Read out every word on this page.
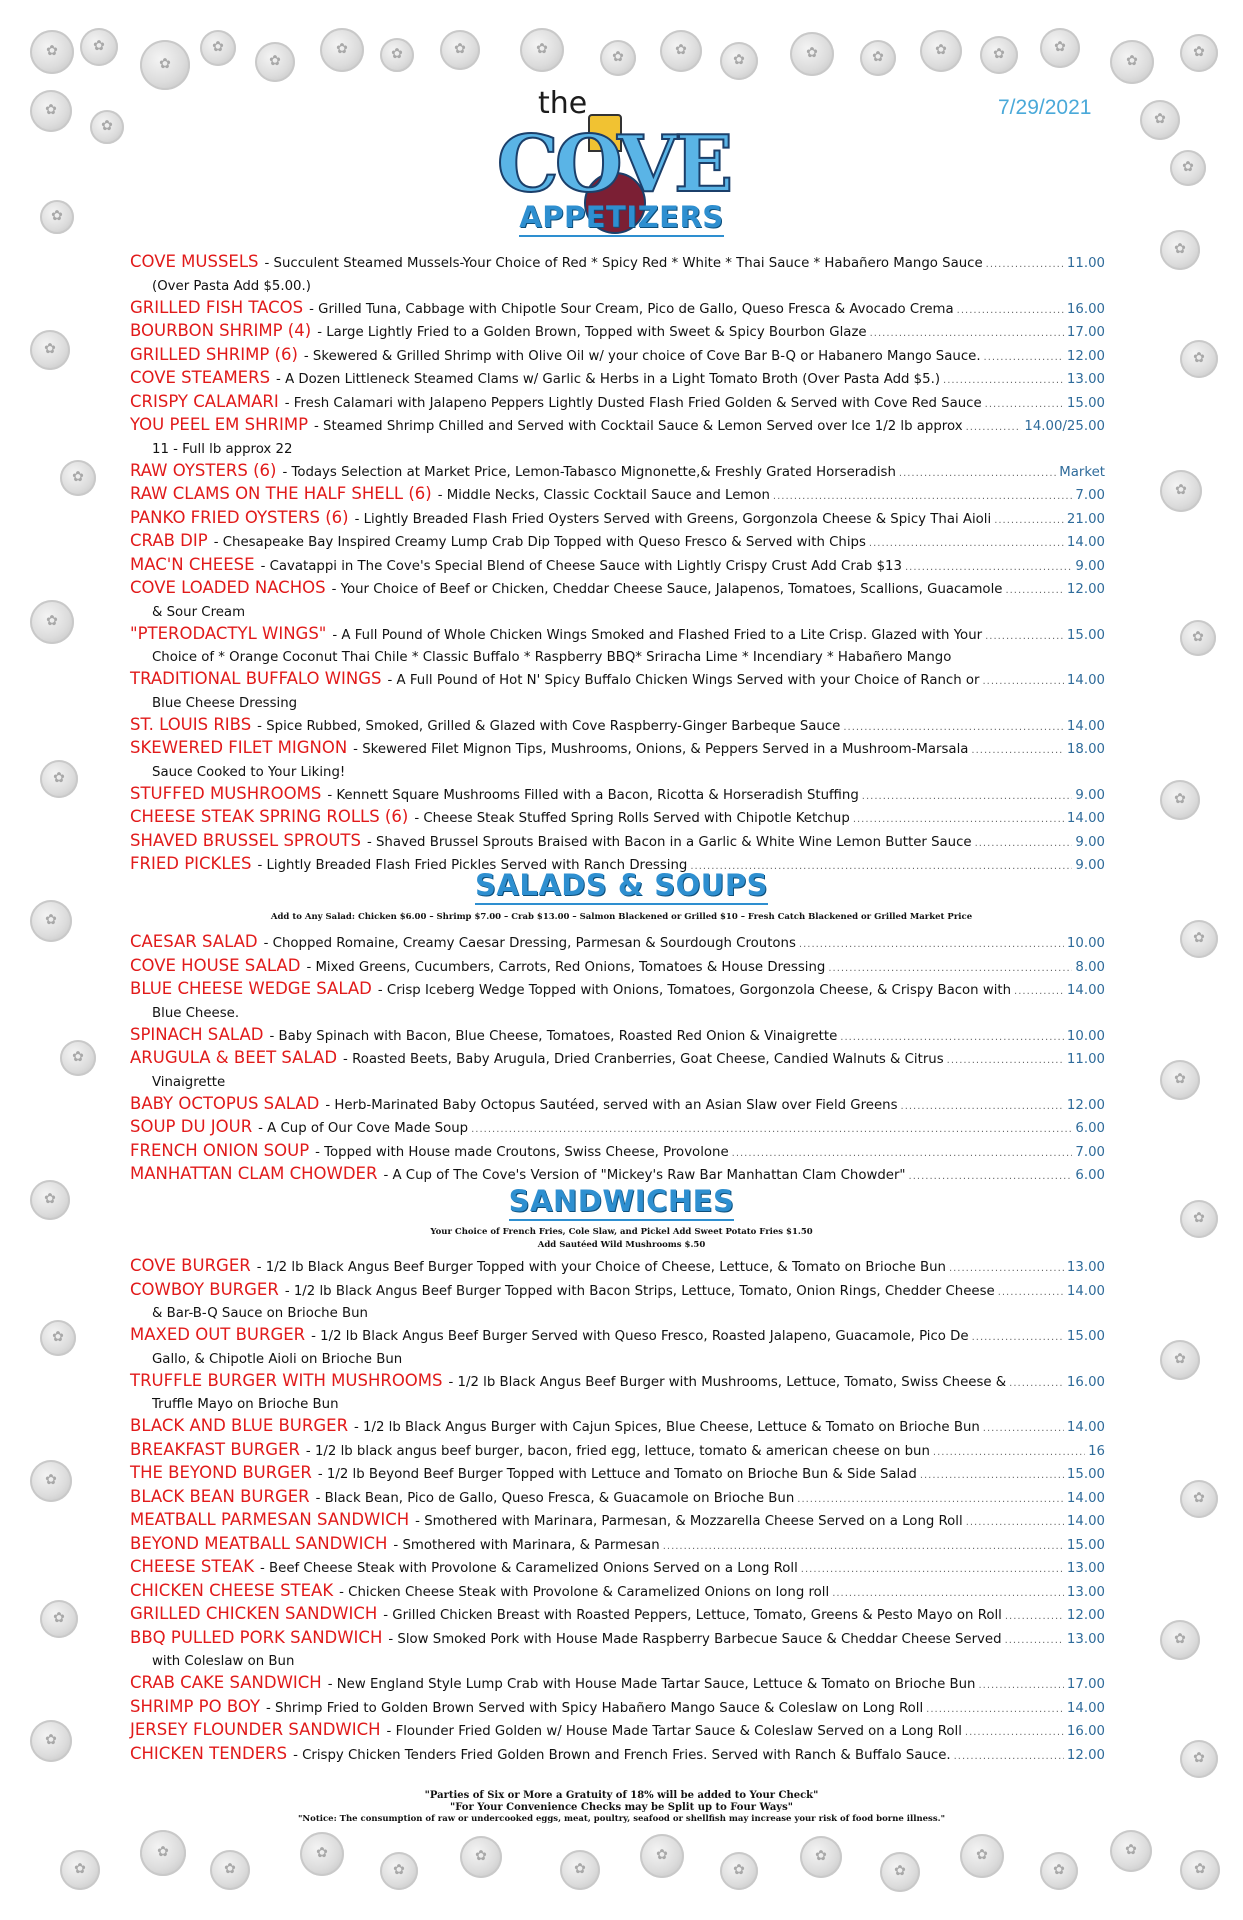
✿
✿
✿
✿
✿
✿
✿
✿
✿
✿
✿
✿
✿
✿
✿
✿
✿
✿
✿
✿
✿
✿
✿
✿
✿
✿
✿
✿
✿
✿
✿
✿
✿
✿
✿
✿
✿
✿
✿
✿
✿
✿
✿
✿
✿
✿
✿
✿
✿
✿
✿
✿
✿
✿
✿
✿
✿
✿
✿
✿
✿
✿
the
COVE
7/29/2021
APPETIZERS
COVE MUSSELS - Succulent Steamed Mussels-Your Choice of Red * Spicy Red * White * Thai Sauce * Habañero Mango Sauce .....	11.00
(Over Pasta Add $5.00.)
GRILLED FISH TACOS - Grilled Tuna, Cabbage with Chipotle Sour Cream, Pico de Gallo, Queso Fresca & Avocado Crema .....	16.00
BOURBON SHRIMP (4) - Large Lightly Fried to a Golden Brown, Topped with Sweet & Spicy Bourbon Glaze .....	17.00
GRILLED SHRIMP (6) - Skewered & Grilled Shrimp with Olive Oil w/ your choice of Cove Bar B-Q or Habanero Mango Sauce. .....	12.00
COVE STEAMERS - A Dozen Littleneck Steamed Clams w/ Garlic & Herbs in a Light Tomato Broth (Over Pasta Add $5.) .....	13.00
CRISPY CALAMARI - Fresh Calamari with Jalapeno Peppers Lightly Dusted Flash Fried Golden & Served with Cove Red Sauce .....	15.00
YOU PEEL EM SHRIMP - Steamed Shrimp Chilled and Served with Cocktail Sauce & Lemon Served over Ice 1/2 lb approx .....	14.00/25.00
11 - Full lb approx 22
RAW OYSTERS (6) - Todays Selection at Market Price, Lemon-Tabasco Mignonette,& Freshly Grated Horseradish .....	Market
RAW CLAMS ON THE HALF SHELL (6) - Middle Necks, Classic Cocktail Sauce and Lemon .....	7.00
PANKO FRIED OYSTERS (6) - Lightly Breaded Flash Fried Oysters Served with Greens, Gorgonzola Cheese & Spicy Thai Aioli .....	21.00
CRAB DIP - Chesapeake Bay Inspired Creamy Lump Crab Dip Topped with Queso Fresco & Served with Chips .....	14.00
MAC'N CHEESE - Cavatappi in The Cove's Special Blend of Cheese Sauce with Lightly Crispy Crust Add Crab $13 .....	9.00
COVE LOADED NACHOS - Your Choice of Beef or Chicken, Cheddar Cheese Sauce, Jalapenos, Tomatoes, Scallions, Guacamole .....	12.00
& Sour Cream
"PTERODACTYL WINGS" - A Full Pound of Whole Chicken Wings Smoked and Flashed Fried to a Lite Crisp. Glazed with Your .....	15.00
Choice of * Orange Coconut Thai Chile * Classic Buffalo * Raspberry BBQ* Sriracha Lime * Incendiary * Habañero Mango
TRADITIONAL BUFFALO WINGS - A Full Pound of Hot N' Spicy Buffalo Chicken Wings Served with your Choice of Ranch or .....	14.00
Blue Cheese Dressing
ST. LOUIS RIBS - Spice Rubbed, Smoked, Grilled & Glazed with Cove Raspberry-Ginger Barbeque Sauce .....	14.00
SKEWERED FILET MIGNON - Skewered Filet Mignon Tips, Mushrooms, Onions, & Peppers Served in a Mushroom-Marsala .....	18.00
Sauce Cooked to Your Liking!
STUFFED MUSHROOMS - Kennett Square Mushrooms Filled with a Bacon, Ricotta & Horseradish Stuffing .....	9.00
CHEESE STEAK SPRING ROLLS (6) - Cheese Steak Stuffed Spring Rolls Served with Chipotle Ketchup .....	14.00
SHAVED BRUSSEL SPROUTS - Shaved Brussel Sprouts Braised with Bacon in a Garlic & White Wine Lemon Butter Sauce .....	9.00
FRIED PICKLES - Lightly Breaded Flash Fried Pickles Served with Ranch Dressing .....	9.00
SALADS & SOUPS
Add to Any Salad: Chicken $6.00 – Shrimp $7.00 – Crab $13.00 – Salmon Blackened or Grilled $10 – Fresh Catch Blackened or Grilled Market Price
CAESAR SALAD - Chopped Romaine, Creamy Caesar Dressing, Parmesan & Sourdough Croutons .....	10.00
COVE HOUSE SALAD - Mixed Greens, Cucumbers, Carrots, Red Onions, Tomatoes & House Dressing .....	8.00
BLUE CHEESE WEDGE SALAD - Crisp Iceberg Wedge Topped with Onions, Tomatoes, Gorgonzola Cheese, & Crispy Bacon with .....	14.00
Blue Cheese.
SPINACH SALAD - Baby Spinach with Bacon, Blue Cheese, Tomatoes, Roasted Red Onion & Vinaigrette .....	10.00
ARUGULA & BEET SALAD - Roasted Beets, Baby Arugula, Dried Cranberries, Goat Cheese, Candied Walnuts & Citrus .....	11.00
Vinaigrette
BABY OCTOPUS SALAD - Herb-Marinated Baby Octopus Sautéed, served with an Asian Slaw over Field Greens .....	12.00
SOUP DU JOUR - A Cup of Our Cove Made Soup .....	6.00
FRENCH ONION SOUP - Topped with House made Croutons, Swiss Cheese, Provolone .....	7.00
MANHATTAN CLAM CHOWDER - A Cup of The Cove's Version of "Mickey's Raw Bar Manhattan Clam Chowder" .....	6.00
SANDWICHES
Your Choice of French Fries, Cole Slaw, and Pickel Add Sweet Potato Fries $1.50
Add Sautéed Wild Mushrooms $.50
COVE BURGER - 1/2 lb Black Angus Beef Burger Topped with your Choice of Cheese, Lettuce, & Tomato on Brioche Bun .....	13.00
COWBOY BURGER - 1/2 lb Black Angus Beef Burger Topped with Bacon Strips, Lettuce, Tomato, Onion Rings, Chedder Cheese .....	14.00
& Bar-B-Q Sauce on Brioche Bun
MAXED OUT BURGER - 1/2 lb Black Angus Beef Burger Served with Queso Fresco, Roasted Jalapeno, Guacamole, Pico De .....	15.00
Gallo, & Chipotle Aioli on Brioche Bun
TRUFFLE BURGER WITH MUSHROOMS - 1/2 lb Black Angus Beef Burger with Mushrooms, Lettuce, Tomato, Swiss Cheese & .....	16.00
Truffle Mayo on Brioche Bun
BLACK AND BLUE BURGER - 1/2 lb Black Angus Burger with Cajun Spices, Blue Cheese, Lettuce & Tomato on Brioche Bun .....	14.00
BREAKFAST BURGER - 1/2 lb black angus beef burger, bacon, fried egg, lettuce, tomato & american cheese on bun .....	16
THE BEYOND BURGER - 1/2 lb Beyond Beef Burger Topped with Lettuce and Tomato on Brioche Bun & Side Salad .....	15.00
BLACK BEAN BURGER - Black Bean, Pico de Gallo, Queso Fresca, & Guacamole on Brioche Bun .....	14.00
MEATBALL PARMESAN SANDWICH - Smothered with Marinara, Parmesan, & Mozzarella Cheese Served on a Long Roll .....	14.00
BEYOND MEATBALL SANDWICH - Smothered with Marinara, & Parmesan .....	15.00
CHEESE STEAK - Beef Cheese Steak with Provolone & Caramelized Onions Served on a Long Roll .....	13.00
CHICKEN CHEESE STEAK - Chicken Cheese Steak with Provolone & Caramelized Onions on long roll .....	13.00
GRILLED CHICKEN SANDWICH - Grilled Chicken Breast with Roasted Peppers, Lettuce, Tomato, Greens & Pesto Mayo on Roll .....	12.00
BBQ PULLED PORK SANDWICH - Slow Smoked Pork with House Made Raspberry Barbecue Sauce & Cheddar Cheese Served .....	13.00
with Coleslaw on Bun
CRAB CAKE SANDWICH - New England Style Lump Crab with House Made Tartar Sauce, Lettuce & Tomato on Brioche Bun .....	17.00
SHRIMP PO BOY - Shrimp Fried to Golden Brown Served with Spicy Habañero Mango Sauce & Coleslaw on Long Roll .....	14.00
JERSEY FLOUNDER SANDWICH - Flounder Fried Golden w/ House Made Tartar Sauce & Coleslaw Served on a Long Roll .....	16.00
CHICKEN TENDERS - Crispy Chicken Tenders Fried Golden Brown and French Fries. Served with Ranch & Buffalo Sauce. .....	12.00
"Parties of Six or More a Gratuity of 18% will be added to Your Check"
"For Your Convenience Checks may be Split up to Four Ways"
"Notice: The consumption of raw or undercooked eggs, meat, poultry, seafood or shellfish may increase your risk of food borne illness."
